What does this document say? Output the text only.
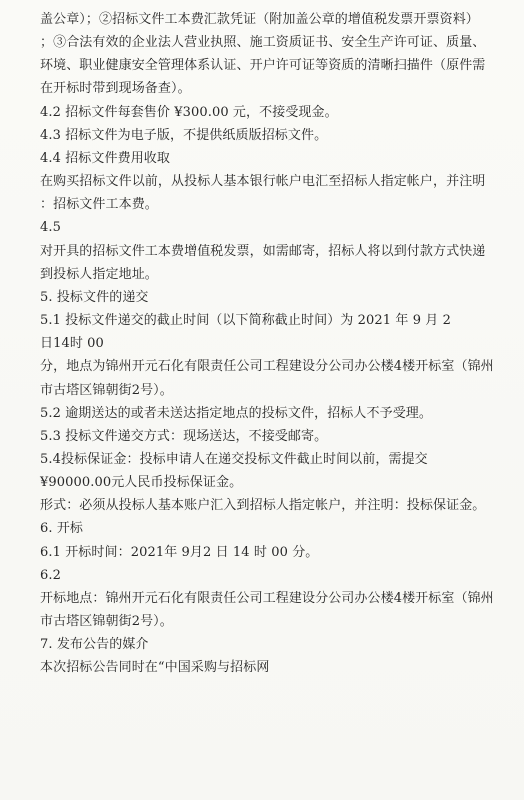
盖公章）；②招标文件工本费汇款凭证（附加盖公章的增值税发票开票资料）
；③合法有效的企业法人营业执照、施工资质证书、安全生产许可证、质量、
环境、职业健康安全管理体系认证、开户许可证等资质的清晰扫描件（原件需
在开标时带到现场备查）。
4.2 招标文件每套售价 ¥300.00 元，不接受现金。
4.3 招标文件为电子版，不提供纸质版招标文件。
4.4 招标文件费用收取
在购买招标文件以前，从投标人基本银行帐户电汇至招标人指定帐户，并注明
：招标文件工本费。
4.5
对开具的招标文件工本费增值税发票，如需邮寄，招标人将以到付款方式快递
到投标人指定地址。
5. 投标文件的递交
5.1 投标文件递交的截止时间（以下简称截止时间）为 2021 年 9 月 2
日14时 00
分，地点为锦州开元石化有限责任公司工程建设分公司办公楼4楼开标室（锦州
市古塔区锦朝街2号）。
5.2 逾期送达的或者未送达指定地点的投标文件，招标人不予受理。
5.3 投标文件递交方式：现场送达，不接受邮寄。
5.4投标保证金：投标申请人在递交投标文件截止时间以前，需提交
¥90000.00元人民币投标保证金。
形式：必须从投标人基本账户汇入到招标人指定帐户，并注明：投标保证金。
6. 开标
6.1 开标时间：2021年 9月2 日 14 时 00 分。
6.2
开标地点：锦州开元石化有限责任公司工程建设分公司办公楼4楼开标室（锦州
市古塔区锦朝街2号）。
7. 发布公告的媒介
本次招标公告同时在“中国采购与招标网
